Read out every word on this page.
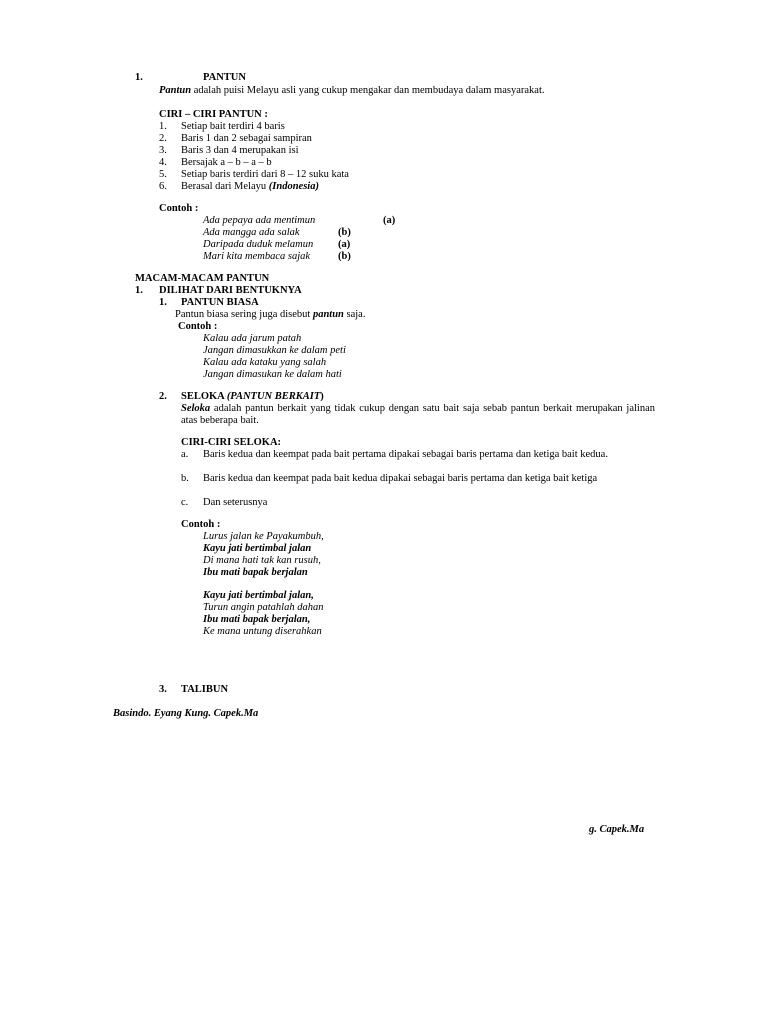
1.	PANTUN
Pantun adalah puisi Melayu asli yang cukup mengakar dan membudaya dalam masyarakat.
CIRI – CIRI PANTUN :
1. Setiap bait terdiri 4 baris
2. Baris 1 dan 2 sebagai sampiran
3. Baris 3 dan 4 merupakan isi
4. Bersajak a – b – a – b
5. Setiap baris terdiri dari 8 – 12 suku kata
6. Berasal dari Melayu (Indonesia)
Contoh :
Ada pepaya ada mentimun	(a)
Ada mangga ada salak	(b)
Daripada duduk melamun (a)
Mari kita membaca sajak	(b)
MACAM-MACAM PANTUN
1. DILIHAT DARI BENTUKNYA
1. PANTUN BIASA
Pantun biasa sering juga disebut pantun saja.
Contoh :
Kalau ada jarum patah
Jangan dimasukkan ke dalam peti
Kalau ada kataku yang salah
Jangan dimasukan ke dalam hati
2. SELOKA (PANTUN BERKAIT)
Seloka adalah pantun berkait yang tidak cukup dengan satu bait saja sebab pantun berkait merupakan jalinan atas beberapa bait.
CIRI-CIRI SELOKA:
a. Baris kedua dan keempat pada bait pertama dipakai sebagai baris pertama dan ketiga bait kedua.
b. Baris kedua dan keempat pada bait kedua dipakai sebagai baris pertama dan ketiga bait ketiga
c. Dan seterusnya
Contoh :
Lurus jalan ke Payakumbuh,
Kayu jati bertimbal jalan
Di mana hati tak kan rusuh,
Ibu mati bapak berjalan
Kayu jati bertimbal jalan,
Turun angin patahlah dahan
Ibu mati bapak berjalan,
Ke mana untung diserahkan
3. TALIBUN
Basindo. Eyang Kung. Capek.Ma
g. Capek.Ma
